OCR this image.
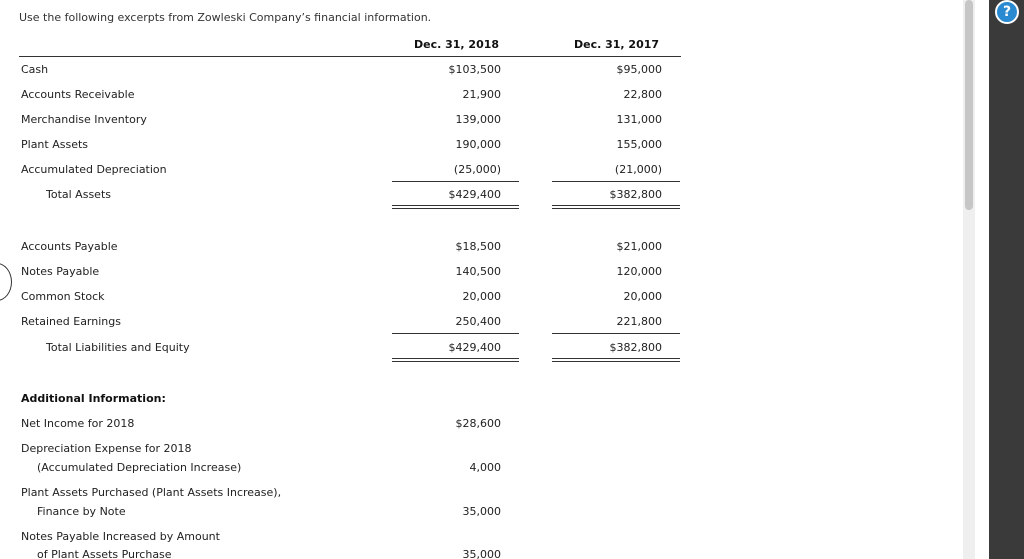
Use the following excerpts from Zowleski Company’s financial information.
Dec. 31, 2018	Dec. 31, 2017
Cash	$103,500	$95,000
Accounts Receivable	21,900	22,800
Merchandise Inventory	139,000	131,000
Plant Assets	190,000	155,000
Accumulated Depreciation	(25,000)	(21,000)
Total Assets	$429,400	$382,800
Accounts Payable	$18,500	$21,000
Notes Payable	140,500	120,000
Common Stock	20,000	20,000
Retained Earnings	250,400	221,800
Total Liabilities and Equity	$429,400	$382,800
Additional Information:
Net Income for 2018	$28,600
Depreciation Expense for 2018
(Accumulated Depreciation Increase)	4,000
Plant Assets Purchased (Plant Assets Increase),
Finance by Note	35,000
Notes Payable Increased by Amount
of Plant Assets Purchase	35,000
?
